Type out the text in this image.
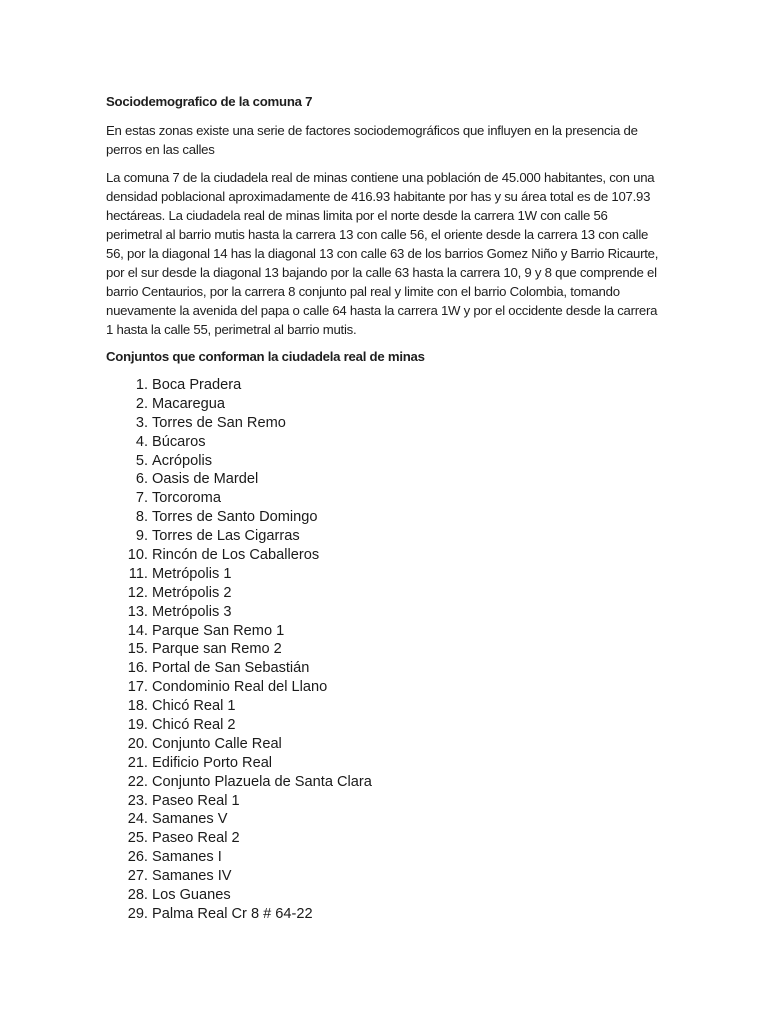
Sociodemografico de la comuna 7
En estas zonas existe una serie de factores sociodemográficos que influyen en la presencia de perros en las calles
La comuna 7 de la ciudadela real de minas contiene una población de 45.000 habitantes, con una densidad poblacional aproximadamente de 416.93 habitante por has y su área total es de 107.93 hectáreas. La ciudadela real de minas limita por el norte desde la carrera 1W con calle 56 perimetral al barrio mutis hasta la carrera 13 con calle 56, el oriente desde la carrera 13 con calle 56, por la diagonal 14 has la diagonal 13 con calle 63 de los barrios Gomez Niño y Barrio Ricaurte, por el sur desde la diagonal 13 bajando por la calle 63 hasta la carrera 10, 9 y 8 que comprende el barrio Centaurios, por la carrera 8 conjunto pal real y limite con el barrio Colombia, tomando nuevamente la avenida del papa o calle 64 hasta la carrera 1W y por el occidente desde la carrera 1 hasta la calle 55, perimetral al barrio mutis.
Conjuntos que conforman la ciudadela real de minas
1. Boca Pradera
2. Macaregua
3. Torres de San Remo
4. Búcaros
5. Acrópolis
6. Oasis de Mardel
7. Torcoroma
8. Torres de Santo Domingo
9. Torres de Las Cigarras
10. Rincón de Los Caballeros
11. Metrópolis 1
12. Metrópolis 2
13. Metrópolis 3
14. Parque San Remo 1
15. Parque san Remo 2
16. Portal de San Sebastián
17. Condominio Real del Llano
18. Chicó Real 1
19. Chicó Real 2
20. Conjunto Calle Real
21. Edificio Porto Real
22. Conjunto Plazuela de Santa Clara
23. Paseo Real 1
24. Samanes V
25. Paseo Real 2
26. Samanes I
27. Samanes IV
28. Los Guanes
29. Palma Real Cr 8 # 64-22
